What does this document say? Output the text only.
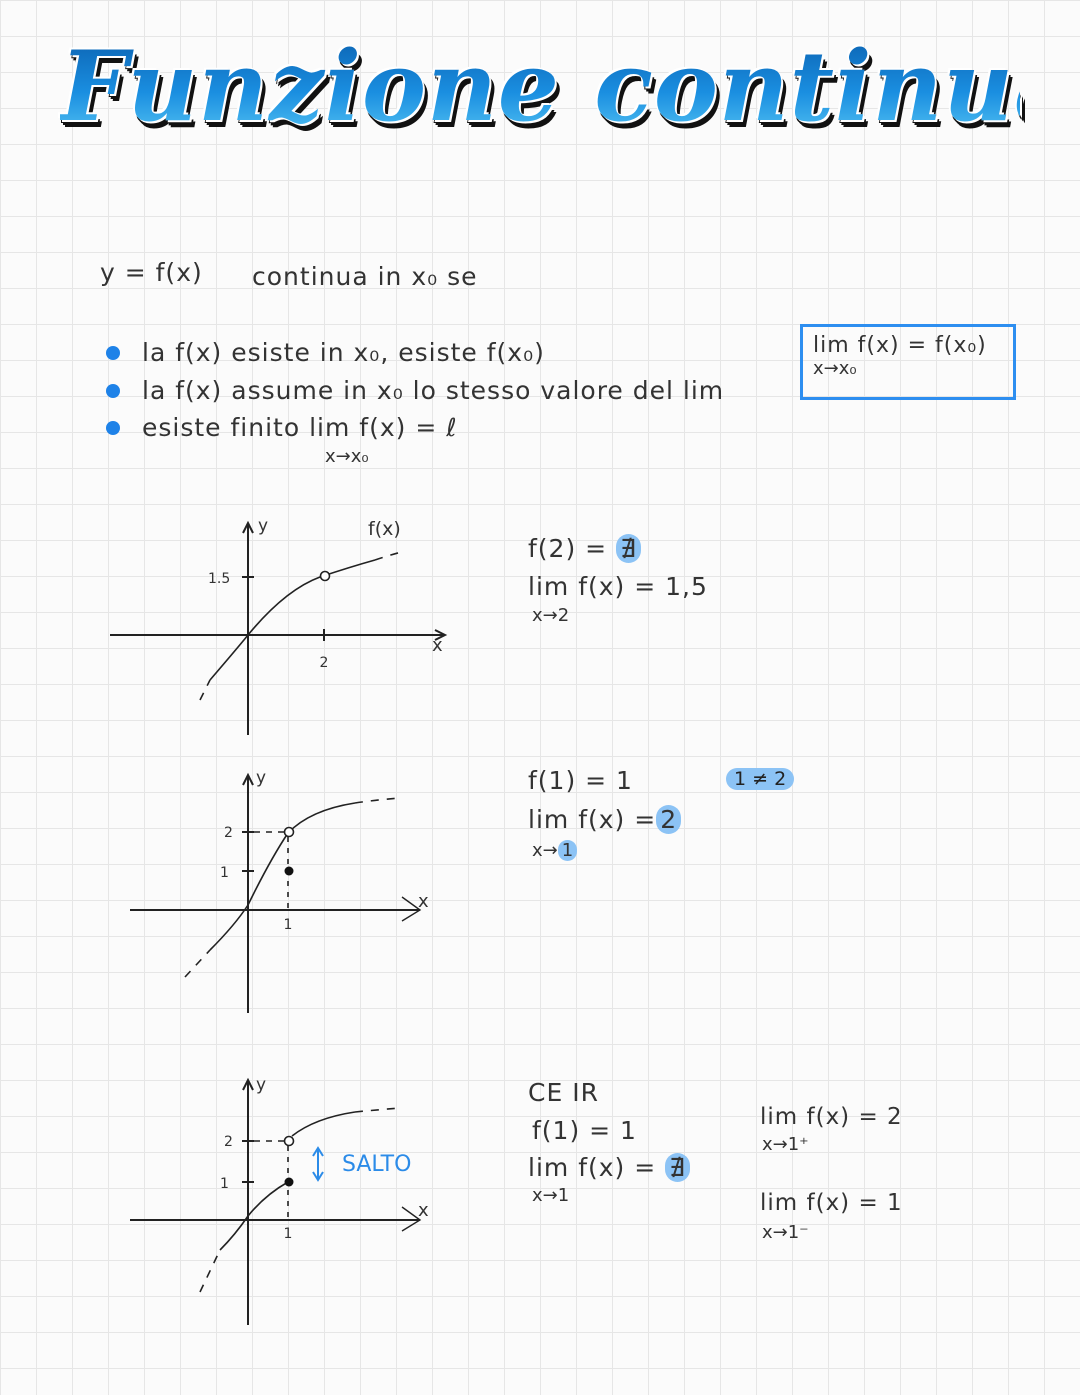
Funzione continua
y = f(x) continua in x₀ se
la f(x) esiste in x₀, esiste f(x₀)
la f(x) assume in x₀ lo stesso valore del lim
esiste finito lim f(x) = ℓ
x→x₀
lim f(x) = f(x₀)
x→x₀
1.5
2
y
x
f(x)
f(2) = ∄
lim f(x) = 1,5
x→2
2
1
1
y
x
f(1) = 1
lim f(x) = 2
x→ 1
1 ≠ 2
2
1
1
y
x
SALTO
CE IR
f(1) = 1
lim f(x) = ∄
x→1
lim f(x) = 2
x→1⁺
lim f(x) = 1
x→1⁻
